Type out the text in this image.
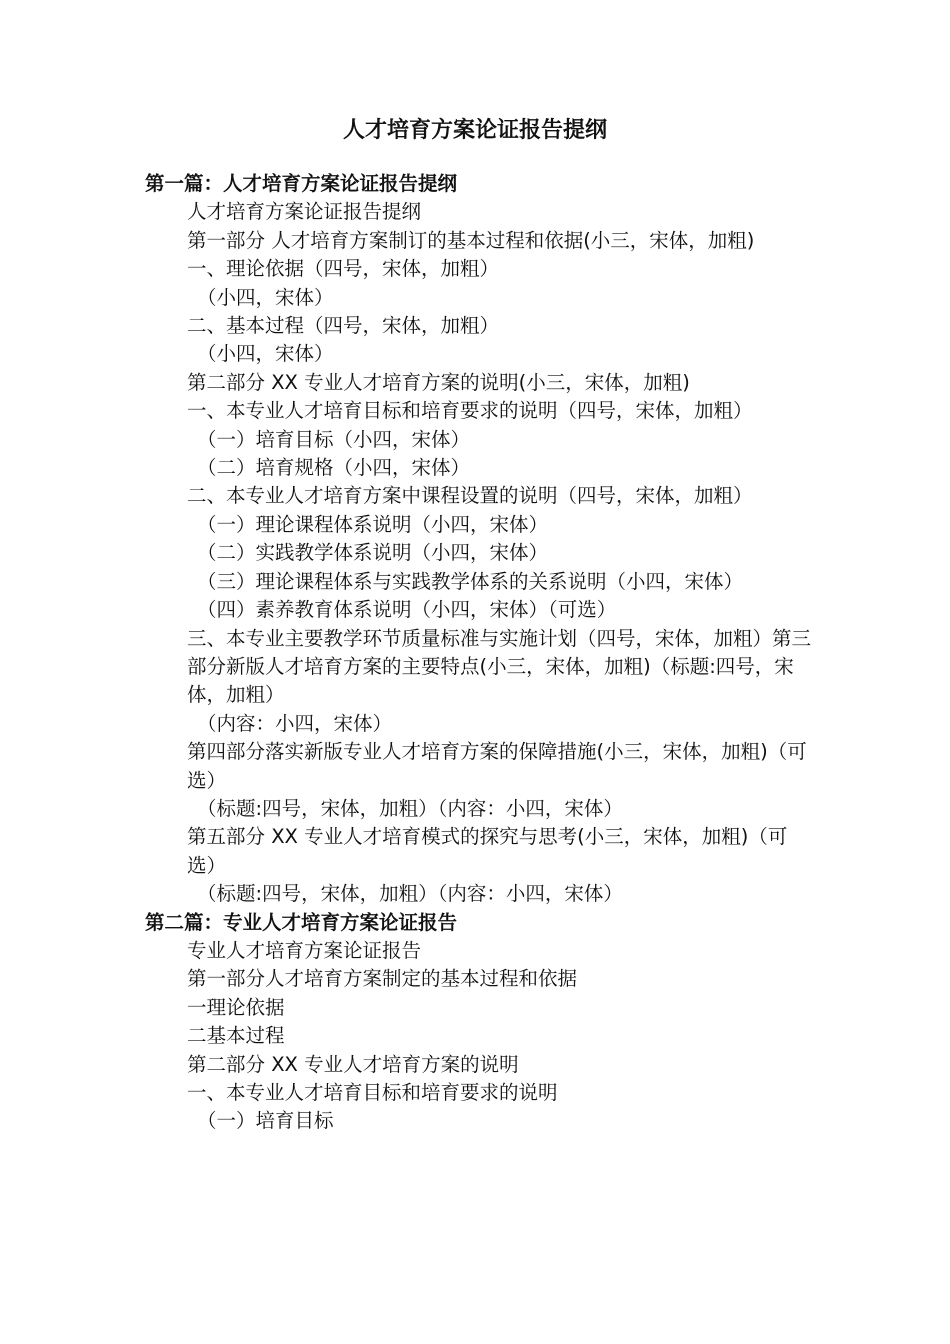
人才培育方案论证报告提纲

第一篇：人才培育方案论证报告提纲

人才培育方案论证报告提纲

第一部分 人才培育方案制订的基本过程和依据(小三，宋体，加粗)

一、理论依据（四号，宋体，加粗）

（小四，宋体）

二、基本过程（四号，宋体，加粗）

（小四，宋体）

第二部分 XX 专业人才培育方案的说明(小三，宋体，加粗)

一、本专业人才培育目标和培育要求的说明（四号，宋体，加粗）

（一）培育目标（小四，宋体）

（二）培育规格（小四，宋体）

二、本专业人才培育方案中课程设置的说明（四号，宋体，加粗）

（一）理论课程体系说明（小四，宋体）

（二）实践教学体系说明（小四，宋体）

（三）理论课程体系与实践教学体系的关系说明（小四，宋体）

（四）素养教育体系说明（小四，宋体）（可选）

三、本专业主要教学环节质量标准与实施计划（四号，宋体，加粗）第三部分新版人才培育方案的主要特点(小三，宋体，加粗)（标题:四号，宋体，加粗）

（内容：小四，宋体）

第四部分落实新版专业人才培育方案的保障措施(小三，宋体，加粗)（可选）

（标题:四号，宋体，加粗）（内容：小四，宋体）

第五部分 XX 专业人才培育模式的探究与思考(小三，宋体，加粗)（可选）

（标题:四号，宋体，加粗）（内容：小四，宋体）

第二篇：专业人才培育方案论证报告

专业人才培育方案论证报告

第一部分人才培育方案制定的基本过程和依据

一理论依据

二基本过程

第二部分 XX 专业人才培育方案的说明

一、本专业人才培育目标和培育要求的说明

（一）培育目标
